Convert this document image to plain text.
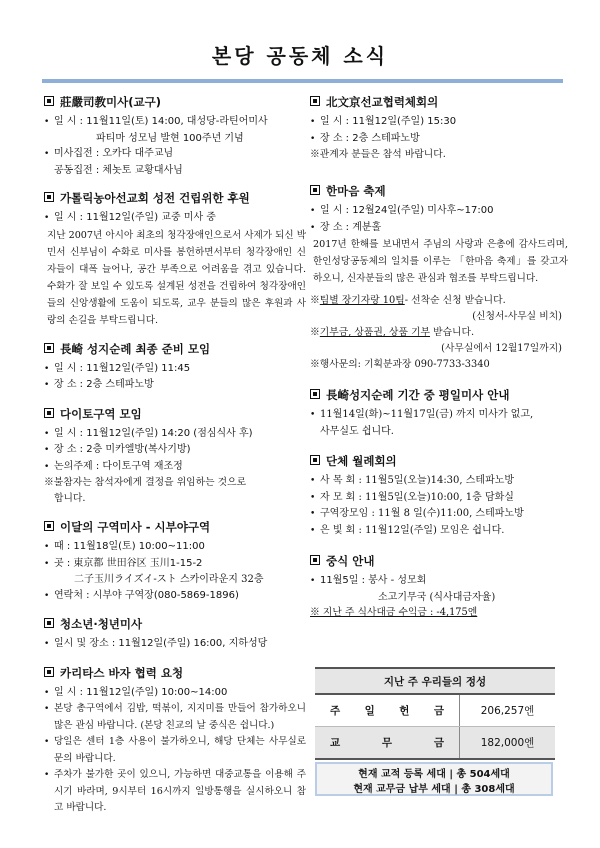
본당 공동체 소식
莊嚴司教미사(교구)
• 일 시 : 11월11일(토) 14:00, 대성당-라틴어미사
파티마 성모님 발현 100주년 기념
• 미사집전 : 오카다 대주교님
공동집전 : 체놋토 교황대사님
가톨릭농아선교회 성전 건립위한 후원
• 일 시 : 11월12일(주일) 교중 미사 중
지난 2007년 아시아 최초의 청각장애인으로서 사제가 되신 박민서 신부님이 수화로 미사를 봉헌하면서부터 청각장애인 신자들이 대폭 늘어나, 공간 부족으로 어려움을 겪고 있습니다. 수화가 잘 보일 수 있도록 설계된 성전을 건립하여 청각장애인들의 신앙생활에 도움이 되도록, 교우 분들의 많은 후원과 사랑의 손길을 부탁드립니다.
長崎 성지순례 최종 준비 모임
• 일 시 : 11월12일(주일) 11:45
• 장 소 : 2층 스테파노방
다이토구역 모임
• 일 시 : 11월12일(주일) 14:20 (점심식사 후)
• 장 소 : 2층 미카엘방(복사기방)
• 논의주제 : 다이토구역 재조정
※불참자는 참석자에게 결정을 위임하는 것으로
합니다.
이달의 구역미사 - 시부야구역
• 때 : 11월18일(토) 10:00~11:00
• 곳 : 東京都 世田谷区 玉川1-15-2
二子玉川ライズイ-スト 스카이라운지 32층
• 연락처 : 시부야 구역장(080-5869-1896)
청소년·청년미사
• 일시 및 장소 : 11월12일(주일) 16:00, 지하성당
카리타스 바자 협력 요청
• 일 시 : 11월12일(주일) 10:00~14:00
•
본당 총구역에서 김밥, 떡볶이, 지지미를 만들어 참가하오니 많은 관심 바랍니다. (본당 친교의 날 중식은 쉽니다.)
•
당일은 센터 1층 사용이 불가하오니, 해당 단체는 사무실로 문의 바랍니다.
•
주차가 불가한 곳이 있으니, 가능하면 대중교통을 이용해 주시기 바라며, 9시부터 16시까지 일방통행을 실시하오니 참고 바랍니다.
北文京선교협력체회의
• 일 시 : 11월12일(주일) 15:30
• 장 소 : 2층 스테파노방
※관계자 분들은 참석 바랍니다.
한마음 축제
• 일 시 : 12월24일(주일) 미사후~17:00
• 장 소 : 계분홀
2017년 한해를 보내면서 주님의 사랑과 은총에 감사드리며, 한인성당공동체의 일치를 이루는 「한마음 축제」를 갖고자 하오니, 신자분들의 많은 관심과 협조를 부탁드립니다.
※팀별 장기자랑 10팀- 선착순 신청 받습니다.
(신청서-사무실 비치)
※기부금, 상품권, 상품 기부 받습니다.
(사무실에서 12월17일까지)
※행사문의: 기획분과장 090-7733-3340
長崎성지순례 기간 중 평일미사 안내
• 11월14일(화)~11월17일(금) 까지 미사가 없고,
사무실도 쉽니다.
단체 월례회의
• 사 목 회 : 11월5일(오늘)14:30, 스테파노방
• 자 모 회 : 11월5일(오늘)10:00, 1층 담화실
• 구역장모임 : 11월 8 일(수)11:00, 스테파노방
• 은 빛 회 : 11월12일(주일) 모임은 쉽니다.
중식 안내
• 11월5일 : 봉사 - 성모회
소고기무국 (식사대금자율)
※ 지난 주 식사대금 수익금 : -4,175엔
지난 주 우리들의 정성	

주 일 헌 금	206,257엔

교 무 금	182,000엔
현재 교적 등록 세대 | 총 504세대
현재 교무금 납부 세대 | 총 308세대
